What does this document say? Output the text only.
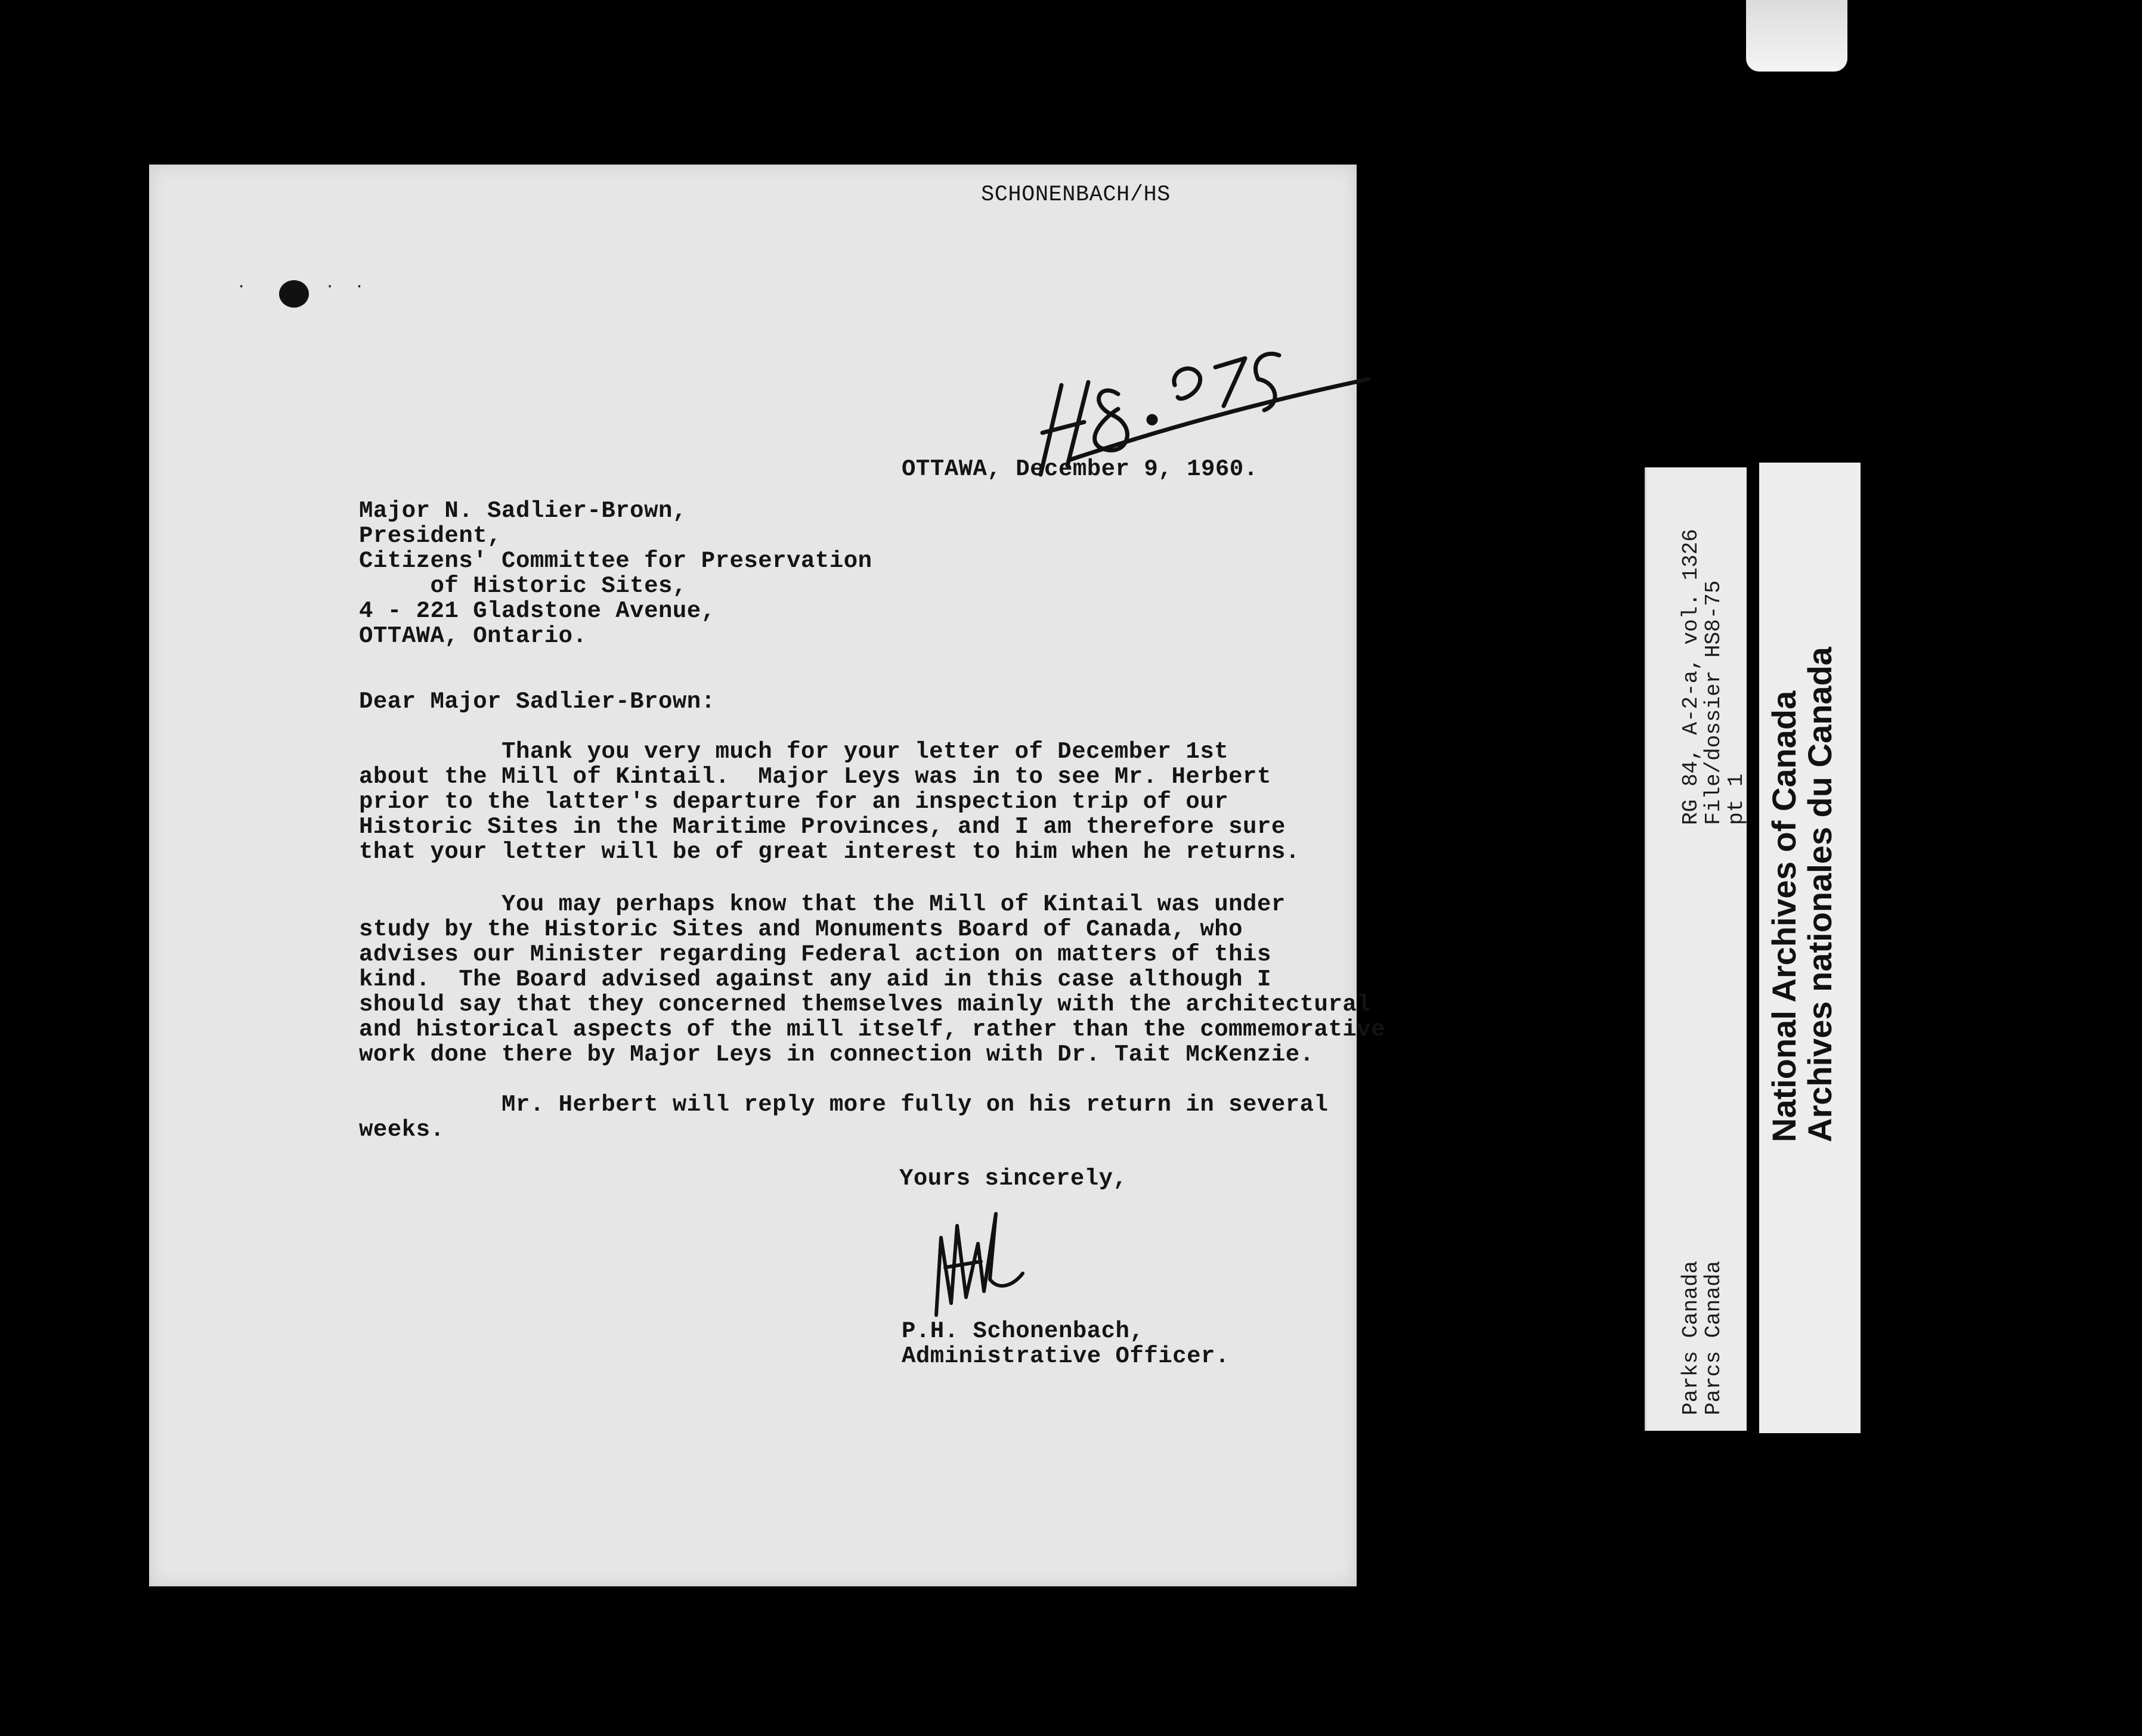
.  ..
SCHONENBACH/HS
OTTAWA, December 9, 1960.
Major N. Sadlier-Brown,
President,
Citizens' Committee for Preservation
of Historic Sites,
4 - 221 Gladstone Avenue,
OTTAWA, Ontario.
Dear Major Sadlier-Brown:
Thank you very much for your letter of December 1st
about the Mill of Kintail.  Major Leys was in to see Mr. Herbert
prior to the latter's departure for an inspection trip of our
Historic Sites in the Maritime Provinces, and I am therefore sure
that your letter will be of great interest to him when he returns.
You may perhaps know that the Mill of Kintail was under
study by the Historic Sites and Monuments Board of Canada, who
advises our Minister regarding Federal action on matters of this
kind.  The Board advised against any aid in this case although I
should say that they concerned themselves mainly with the architectural
and historical aspects of the mill itself, rather than the commemorative
work done there by Major Leys in connection with Dr. Tait McKenzie.
Mr. Herbert will reply more fully on his return in several
weeks.
Yours sincerely,
P.H. Schonenbach,
Administrative Officer.
RG 84, A-2-a, vol. 1326
File/dossier HS8-75
pt 1
Parks Canada
Parcs Canada
National Archives of Canada
Archives nationales du Canada
